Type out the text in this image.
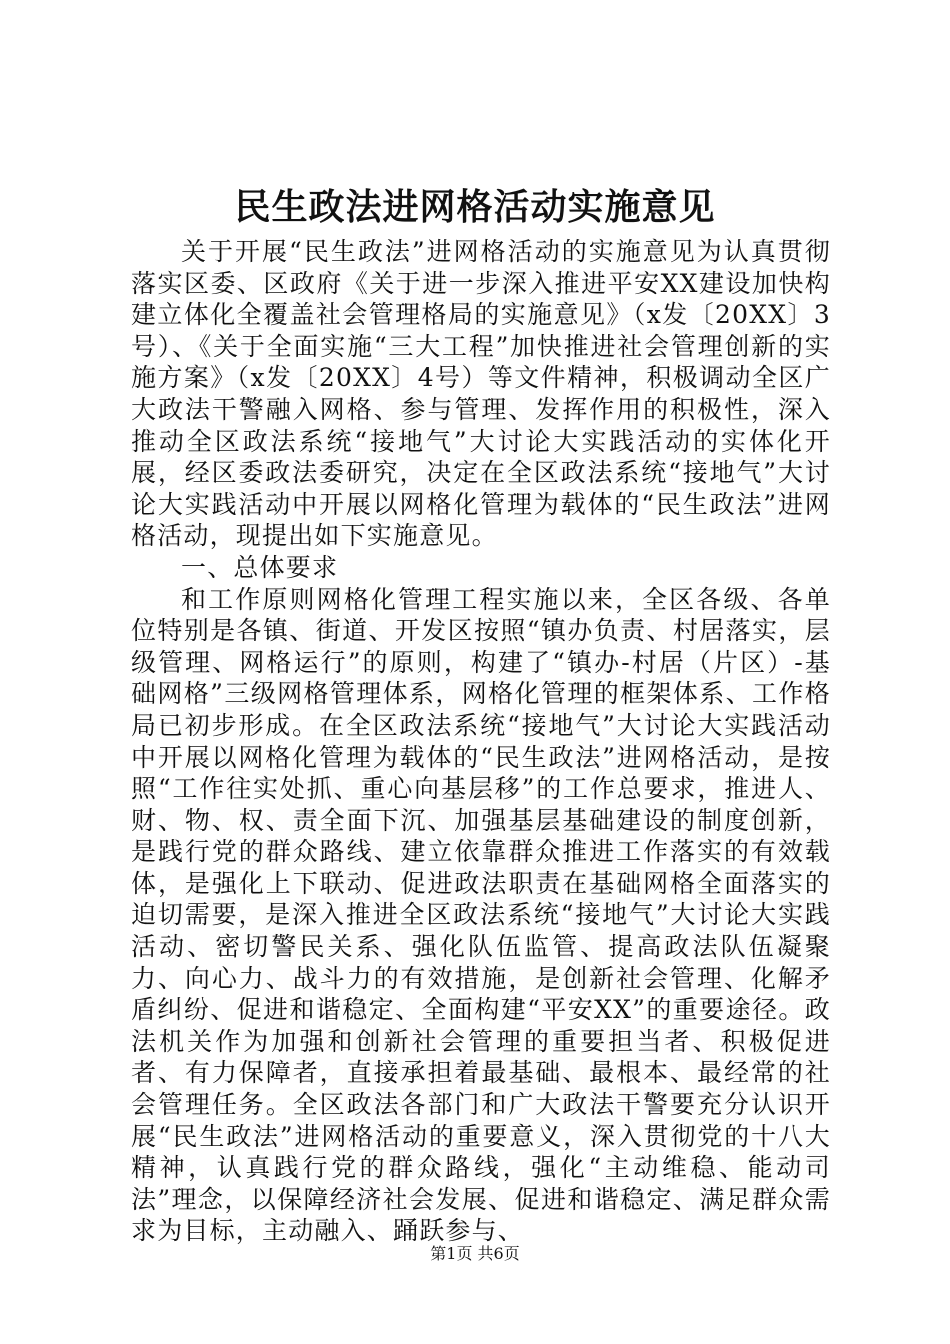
民生政法进网格活动实施意见

关于开展“民生政法”进网格活动的实施意见为认真贯彻落实区委、区政府《关于进一步深入推进平安XX建设加快构建立体化全覆盖社会管理格局的实施意见》（x发〔20XX〕3号）、《关于全面实施“三大工程”加快推进社会管理创新的实施方案》（x发〔20XX〕4号）等文件精神，积极调动全区广大政法干警融入网格、参与管理、发挥作用的积极性，深入推动全区政法系统“接地气”大讨论大实践活动的实体化开展，经区委政法委研究，决定在全区政法系统“接地气”大讨论大实践活动中开展以网格化管理为载体的“民生政法”进网格活动，现提出如下实施意见。

一、总体要求

和工作原则网格化管理工程实施以来，全区各级、各单位特别是各镇、街道、开发区按照“镇办负责、村居落实，层级管理、网格运行”的原则，构建了“镇办-村居（片区）-基础网格”三级网格管理体系，网格化管理的框架体系、工作格局已初步形成。在全区政法系统“接地气”大讨论大实践活动中开展以网格化管理为载体的“民生政法”进网格活动，是按照“工作往实处抓、重心向基层移”的工作总要求，推进人、财、物、权、责全面下沉、加强基层基础建设的制度创新，是践行党的群众路线、建立依靠群众推进工作落实的有效载体，是强化上下联动、促进政法职责在基础网格全面落实的迫切需要，是深入推进全区政法系统“接地气”大讨论大实践活动、密切警民关系、强化队伍监管、提高政法队伍凝聚力、向心力、战斗力的有效措施，是创新社会管理、化解矛盾纠纷、促进和谐稳定、全面构建“平安XX”的重要途径。政法机关作为加强和创新社会管理的重要担当者、积极促进者、有力保障者，直接承担着最基础、最根本、最经常的社会管理任务。全区政法各部门和广大政法干警要充分认识开展“民生政法”进网格活动的重要意义，深入贯彻党的十八大精神，认真践行党的群众路线，强化“主动维稳、能动司法”理念，以保障经济社会发展、促进和谐稳定、满足群众需求为目标，主动融入、踊跃参与、

第1页 共6页
